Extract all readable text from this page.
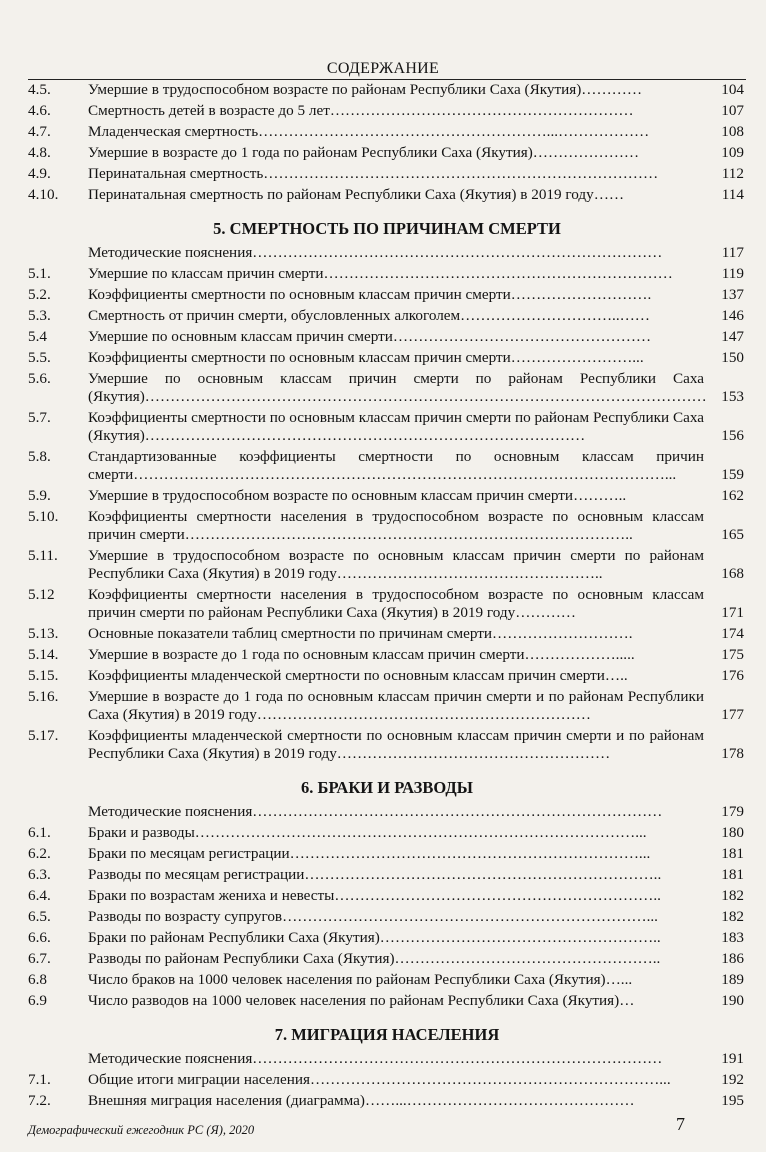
СОДЕРЖАНИЕ
4.5.	Умершие в трудоспособном возрасте по районам Республики Саха (Якутия)…………	104
4.6.	Смертность детей в возрасте до 5 лет……………………………………………………	107
4.7.	Младенческая смертность…………………………………………………...………………	108
4.8.	Умершие в возрасте до 1 года по районам Республики Саха (Якутия)…………………	109
4.9.	Перинатальная смертность……………………………………………………………………	112
4.10.	Перинатальная смертность по районам Республики Саха (Якутия) в 2019 году……	114
5. СМЕРТНОСТЬ ПО ПРИЧИНАМ СМЕРТИ
Методические пояснения………………………………………………………………………	117
5.1.	Умершие по классам причин смерти……………………………………………………………	119
5.2.	Коэффициенты смертности по основным классам причин смерти……………………….	137
5.3.	Смертность от причин смерти, обусловленных алкоголем…………………………..……	146
5.4	Умершие по основным классам причин смерти……………………………………………	147
5.5.	Коэффициенты смертности по основным классам причин смерти……………………...	150
5.6.	Умершие по основным классам причин смерти по районам Республики Саха (Якутия)………………………………………………………………………………………………… 153
5.7.	Коэффициенты смертности по основным классам причин смерти по районам Республики Саха (Якутия)……………………………………………………………………………	156
5.8.	Стандартизованные коэффициенты смертности по основным классам причин смерти……………………………………………………………………………………………...	159
5.9.	Умершие в трудоспособном возрасте по основным классам причин смерти………..	162
5.10.	Коэффициенты смертности населения в трудоспособном возрасте по основным классам причин смерти……………………………………………………………………………..	165
5.11.	Умершие в трудоспособном возрасте по основным классам причин смерти по районам Республики Саха (Якутия) в 2019 году……………………………………………..	168
5.12	Коэффициенты смертности населения в трудоспособном возрасте по основным классам причин смерти по районам Республики Саха (Якутия) в 2019 году…………	171
5.13.	Основные показатели таблиц смертности по причинам смерти……………………….	174
5.14.	Умершие в возрасте до 1 года по основным классам причин смерти……………….....	175
5.15.	Коэффициенты младенческой смертности по основным классам причин смерти…..	176
5.16.	Умершие в возрасте до 1 года по основным классам причин смерти и по районам Республики Саха (Якутия) в 2019 году…………………………………………………………	177
5.17.	Коэффициенты младенческой смертности по основным классам причин смерти и по районам Республики Саха (Якутия) в 2019 году………………………………………………	178
6. БРАКИ И РАЗВОДЫ
Методические пояснения………………………………………………………………………	179
6.1.	Браки и разводы……………………………………………………………………………...	180
6.2.	Браки по месяцам регистрации……………………………………………………………...	181
6.3.	Разводы по месяцам регистрации……………………………………………………………..	181
6.4.	Браки по возрастам жениха и невесты………………………………………………………..	182
6.5.	Разводы по возрасту супругов………………………………………………………………...	182
6.6.	Браки по районам Республики Саха (Якутия)………………………………………………..	183
6.7.	Разводы по районам Республики Саха (Якутия)……………………………………………..	186
6.8	Число браков на 1000 человек населения по районам Республики Саха (Якутия)…...	189
6.9	Число разводов на 1000 человек населения по районам Республики Саха (Якутия)…	190
7. МИГРАЦИЯ НАСЕЛЕНИЯ
Методические пояснения………………………………………………………………………	191
7.1.	Общие итоги миграции населения……………………………………………………………...	192
7.2.	Внешняя миграция населения (диаграмма)……...………………………………………	195
Демографический ежегодник РС (Я), 2020	7
